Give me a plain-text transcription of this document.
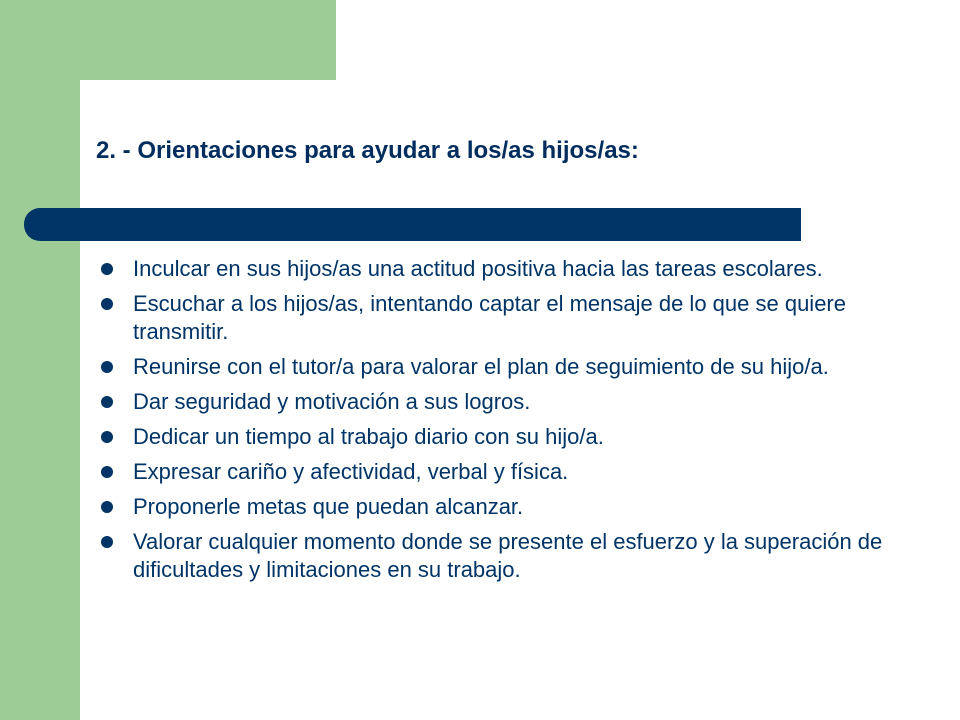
2. - Orientaciones para ayudar a los/as hijos/as:
Inculcar en sus hijos/as una actitud positiva hacia las tareas escolares.
Escuchar a los hijos/as, intentando captar el mensaje de lo que se quiere transmitir.
Reunirse con el tutor/a para valorar el plan de seguimiento de su hijo/a.
Dar seguridad y motivación a sus logros.
Dedicar un tiempo al trabajo diario con su hijo/a.
Expresar cariño y afectividad, verbal y física.
Proponerle metas que puedan alcanzar.
Valorar cualquier momento donde se presente el esfuerzo y la superación de dificultades y limitaciones en su trabajo.
